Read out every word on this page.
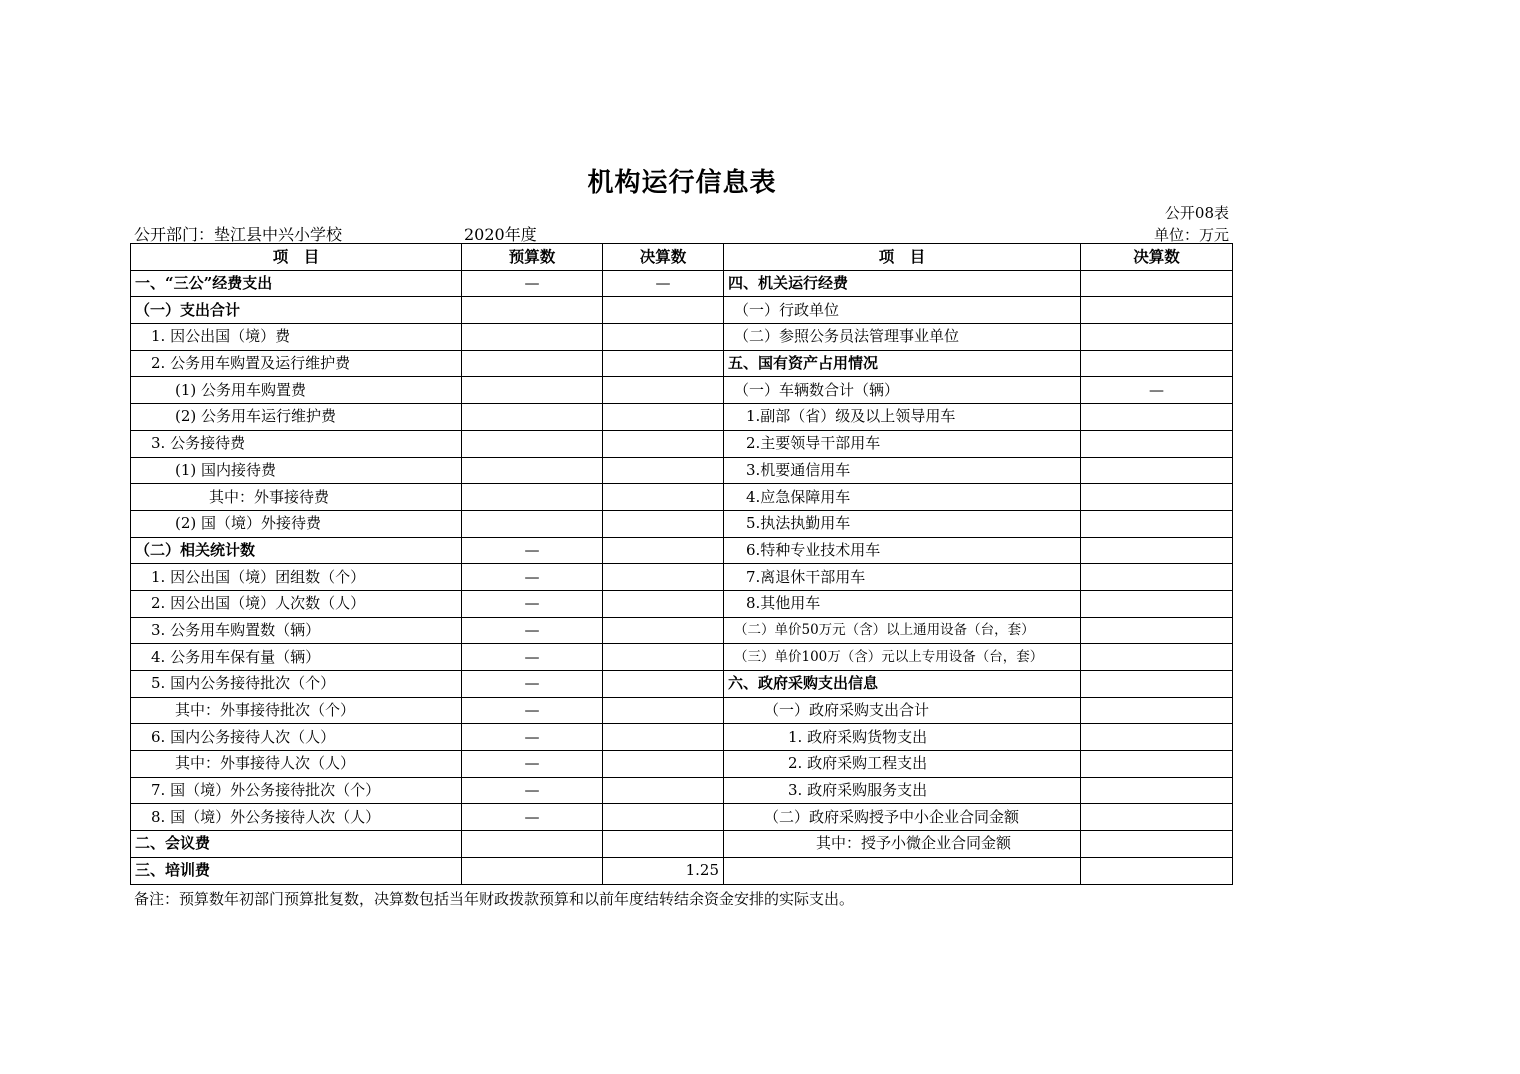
机构运行信息表
公开08表
公开部门：垫江县中兴小学校	2020年度	单位：万元
项　目	预算数	决算数	项　目	决算数
一、“三公”经费支出	—	—	四、机关运行经费	
（一）支出合计			（一）行政单位	
1. 因公出国（境）费			（二）参照公务员法管理事业单位	
2. 公务用车购置及运行维护费			五、国有资产占用情况	
(1) 公务用车购置费			（一）车辆数合计（辆）	—
(2) 公务用车运行维护费			1.副部（省）级及以上领导用车	
3. 公务接待费			2.主要领导干部用车	
(1) 国内接待费			3.机要通信用车	
其中：外事接待费			4.应急保障用车	
(2) 国（境）外接待费			5.执法执勤用车	
（二）相关统计数	—		6.特种专业技术用车	
1. 因公出国（境）团组数（个）	—		7.离退休干部用车	
2. 因公出国（境）人次数（人）	—		8.其他用车	
3. 公务用车购置数（辆）	—		（二）单价50万元（含）以上通用设备（台，套）	
4. 公务用车保有量（辆）	—		（三）单价100万（含）元以上专用设备（台，套）	
5. 国内公务接待批次（个）	—		六、政府采购支出信息	
其中：外事接待批次（个）	—		（一）政府采购支出合计	
6. 国内公务接待人次（人）	—		1. 政府采购货物支出	
其中：外事接待人次（人）	—		2. 政府采购工程支出	
7. 国（境）外公务接待批次（个）	—		3. 政府采购服务支出	
8. 国（境）外公务接待人次（人）	—		（二）政府采购授予中小企业合同金额	
二、会议费			其中：授予小微企业合同金额	
三、培训费		1.25		
备注：预算数年初部门预算批复数，决算数包括当年财政拨款预算和以前年度结转结余资金安排的实际支出。
